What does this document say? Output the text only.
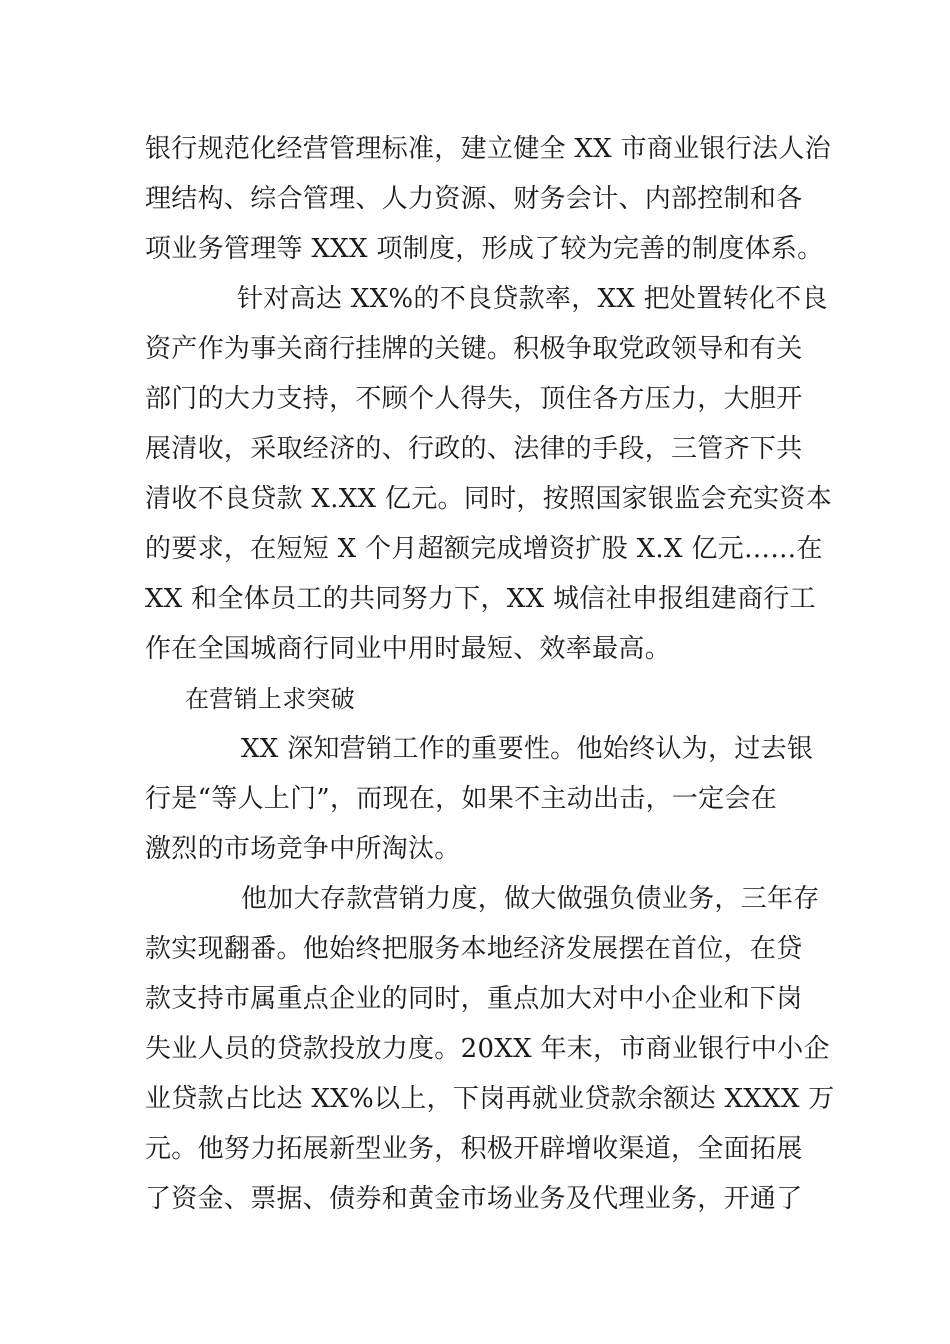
银行规范化经营管理标准，建立健全 XX 市商业银行法人治
理结构、综合管理、人力资源、财务会计、内部控制和各
项业务管理等 XXX 项制度，形成了较为完善的制度体系。
针对高达 XX%的不良贷款率，XX 把处置转化不良
资产作为事关商行挂牌的关键。积极争取党政领导和有关
部门的大力支持，不顾个人得失，顶住各方压力，大胆开
展清收，采取经济的、行政的、法律的手段，三管齐下共
清收不良贷款 X.XX 亿元。同时，按照国家银监会充实资本
的要求，在短短 X 个月超额完成增资扩股 X.X 亿元……在
XX 和全体员工的共同努力下，XX 城信社申报组建商行工
作在全国城商行同业中用时最短、效率最高。
在营销上求突破
XX 深知营销工作的重要性。他始终认为，过去银
行是“等人上门”，而现在，如果不主动出击，一定会在
激烈的市场竞争中所淘汰。
他加大存款营销力度，做大做强负债业务，三年存
款实现翻番。他始终把服务本地经济发展摆在首位，在贷
款支持市属重点企业的同时，重点加大对中小企业和下岗
失业人员的贷款投放力度。20XX 年末，市商业银行中小企
业贷款占比达 XX%以上，下岗再就业贷款余额达 XXXX 万
元。他努力拓展新型业务，积极开辟增收渠道，全面拓展
了资金、票据、债券和黄金市场业务及代理业务，开通了
